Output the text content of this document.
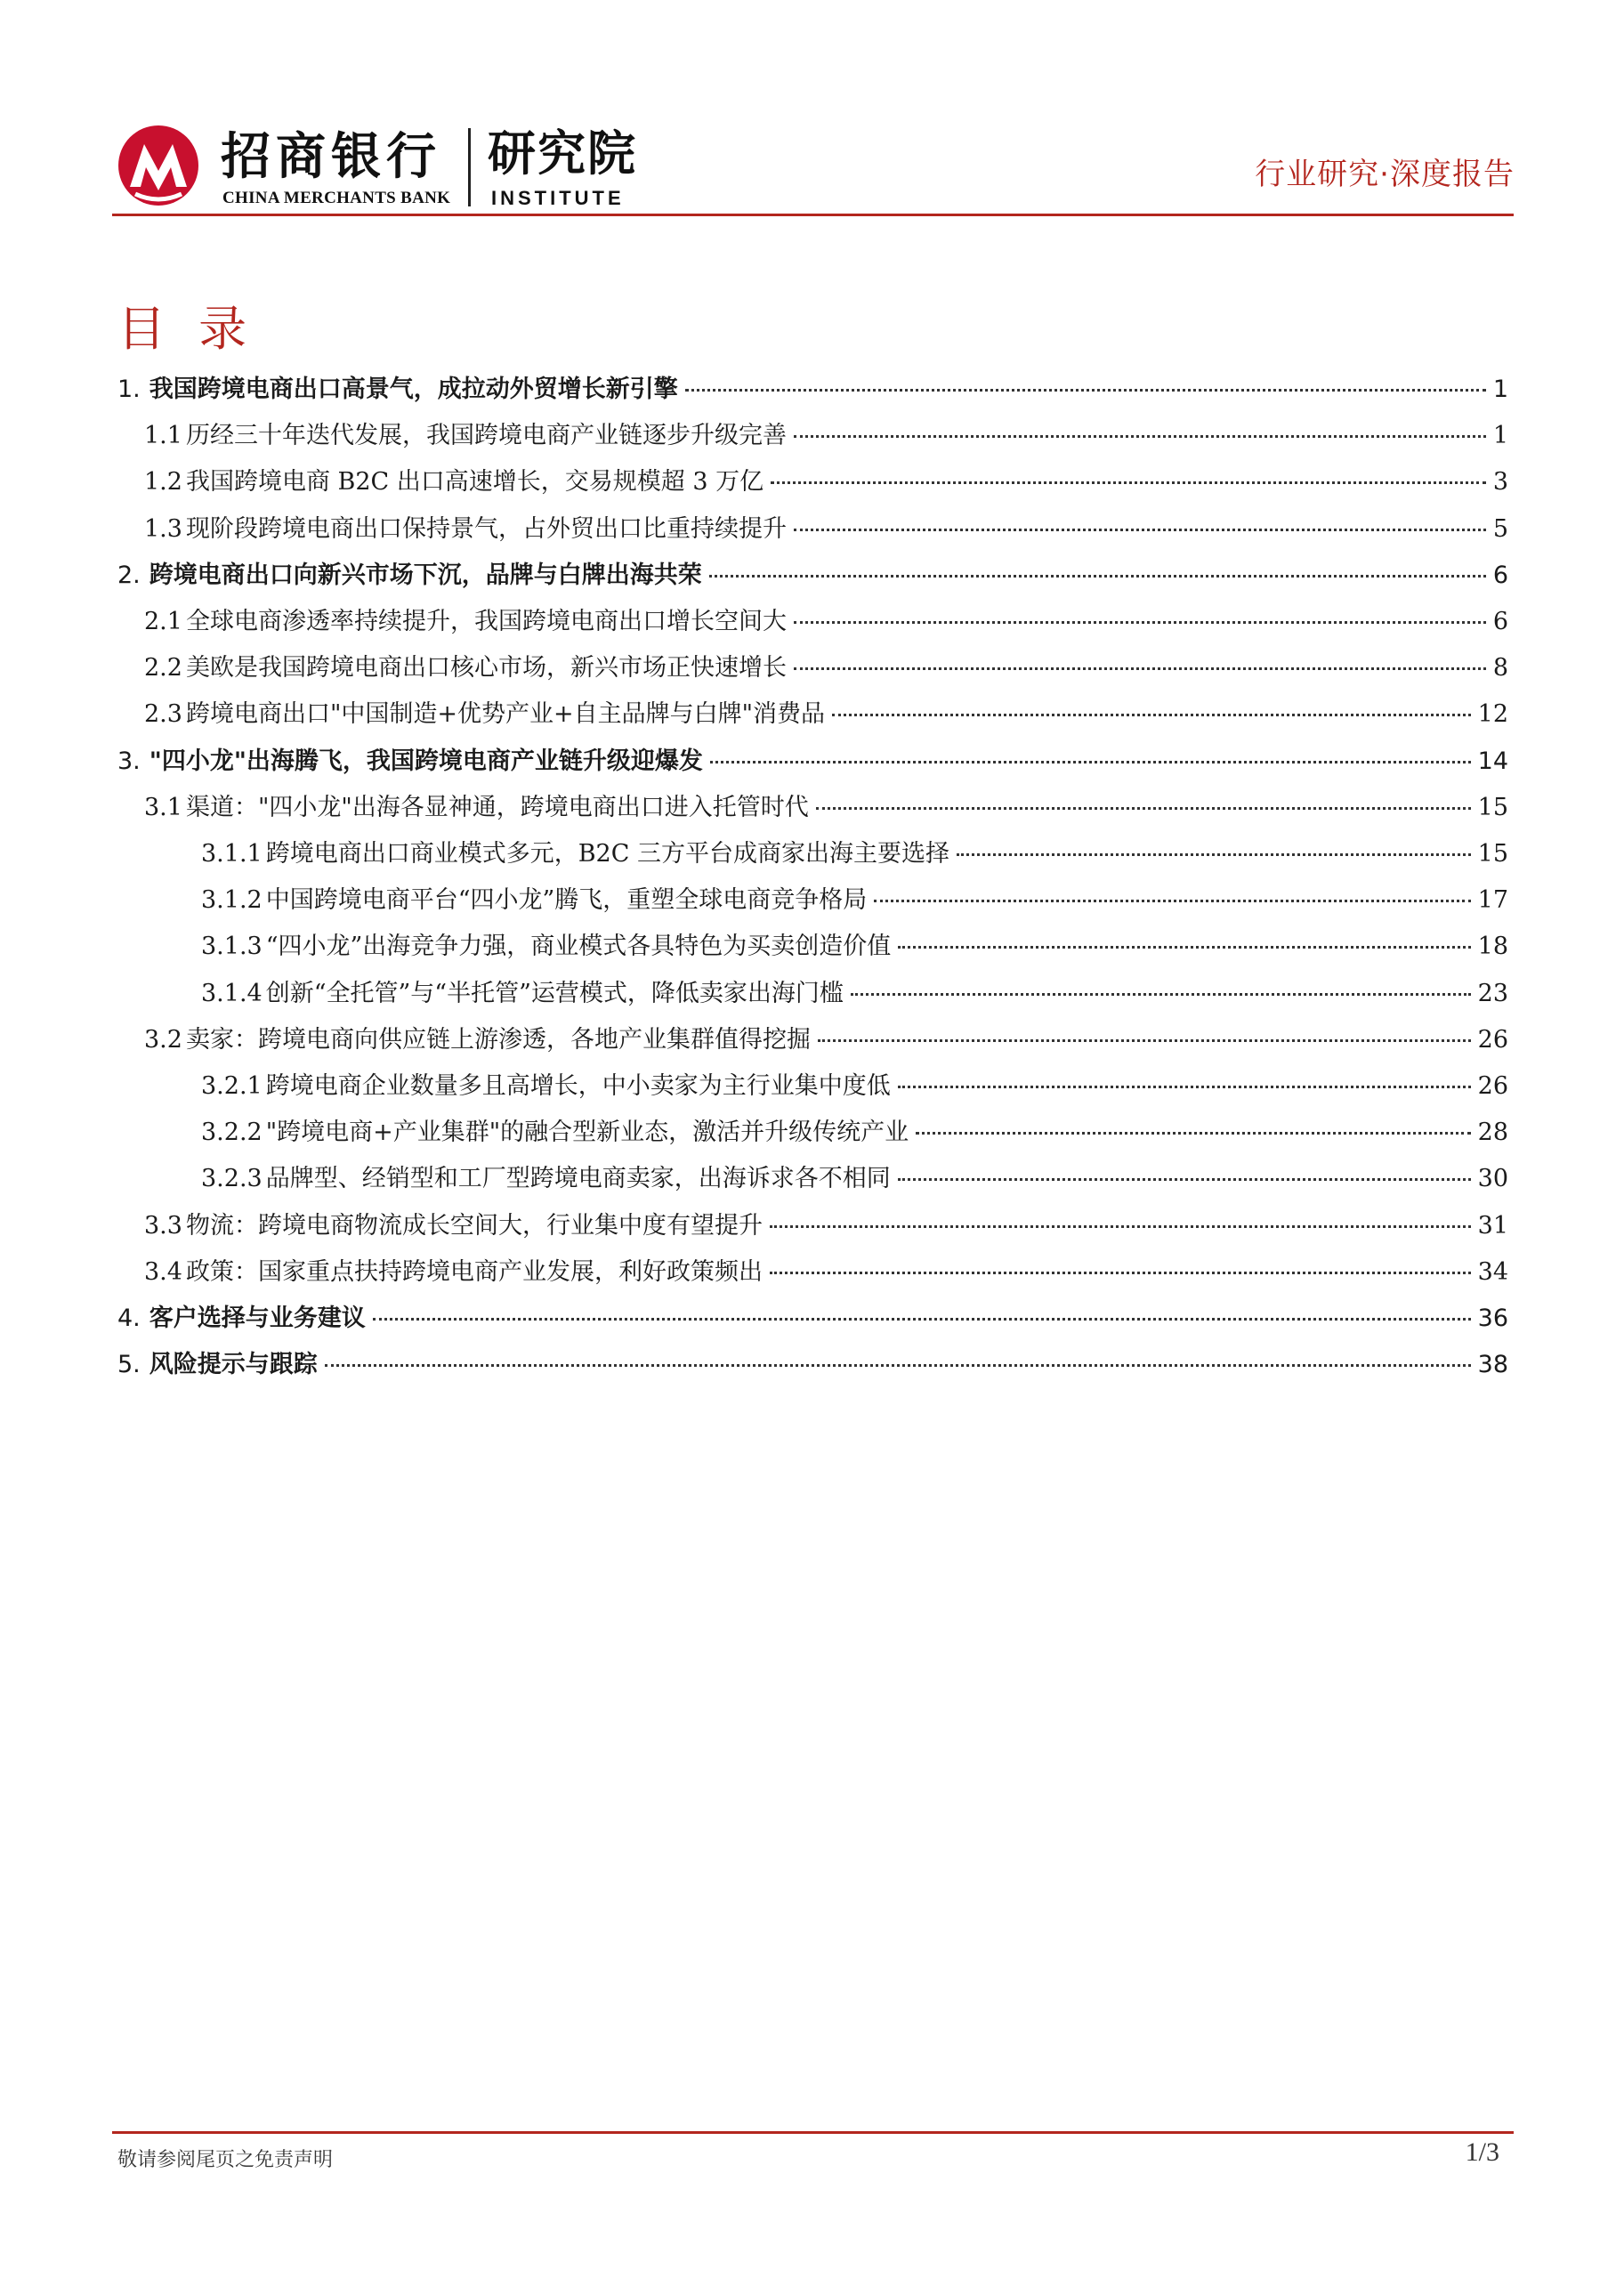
招商银行
CHINA MERCHANTS BANK
研究院
INSTITUTE
行业研究·深度报告
目 录
1. 我国跨境电商出口高景气，成拉动外贸增长新引擎	1
1.1 历经三十年迭代发展，我国跨境电商产业链逐步升级完善	1
1.2 我国跨境电商 B2C 出口高速增长，交易规模超 3 万亿	3
1.3 现阶段跨境电商出口保持景气，占外贸出口比重持续提升	5
2. 跨境电商出口向新兴市场下沉，品牌与白牌出海共荣	6
2.1 全球电商渗透率持续提升，我国跨境电商出口增长空间大	6
2.2 美欧是我国跨境电商出口核心市场，新兴市场正快速增长	8
2.3 跨境电商出口"中国制造+优势产业+自主品牌与白牌"消费品	12
3. "四小龙"出海腾飞，我国跨境电商产业链升级迎爆发	14
3.1 渠道："四小龙"出海各显神通，跨境电商出口进入托管时代	15
3.1.1 跨境电商出口商业模式多元，B2C 三方平台成商家出海主要选择	15
3.1.2 中国跨境电商平台“四小龙”腾飞，重塑全球电商竞争格局	17
3.1.3 “四小龙”出海竞争力强，商业模式各具特色为买卖创造价值	18
3.1.4 创新“全托管”与“半托管”运营模式，降低卖家出海门槛	23
3.2 卖家：跨境电商向供应链上游渗透，各地产业集群值得挖掘	26
3.2.1 跨境电商企业数量多且高增长，中小卖家为主行业集中度低	26
3.2.2 "跨境电商+产业集群"的融合型新业态，激活并升级传统产业	28
3.2.3 品牌型、经销型和工厂型跨境电商卖家，出海诉求各不相同	30
3.3 物流：跨境电商物流成长空间大，行业集中度有望提升	31
3.4 政策：国家重点扶持跨境电商产业发展，利好政策频出	34
4. 客户选择与业务建议	36
5. 风险提示与跟踪	38
敬请参阅尾页之免责声明	1/3
